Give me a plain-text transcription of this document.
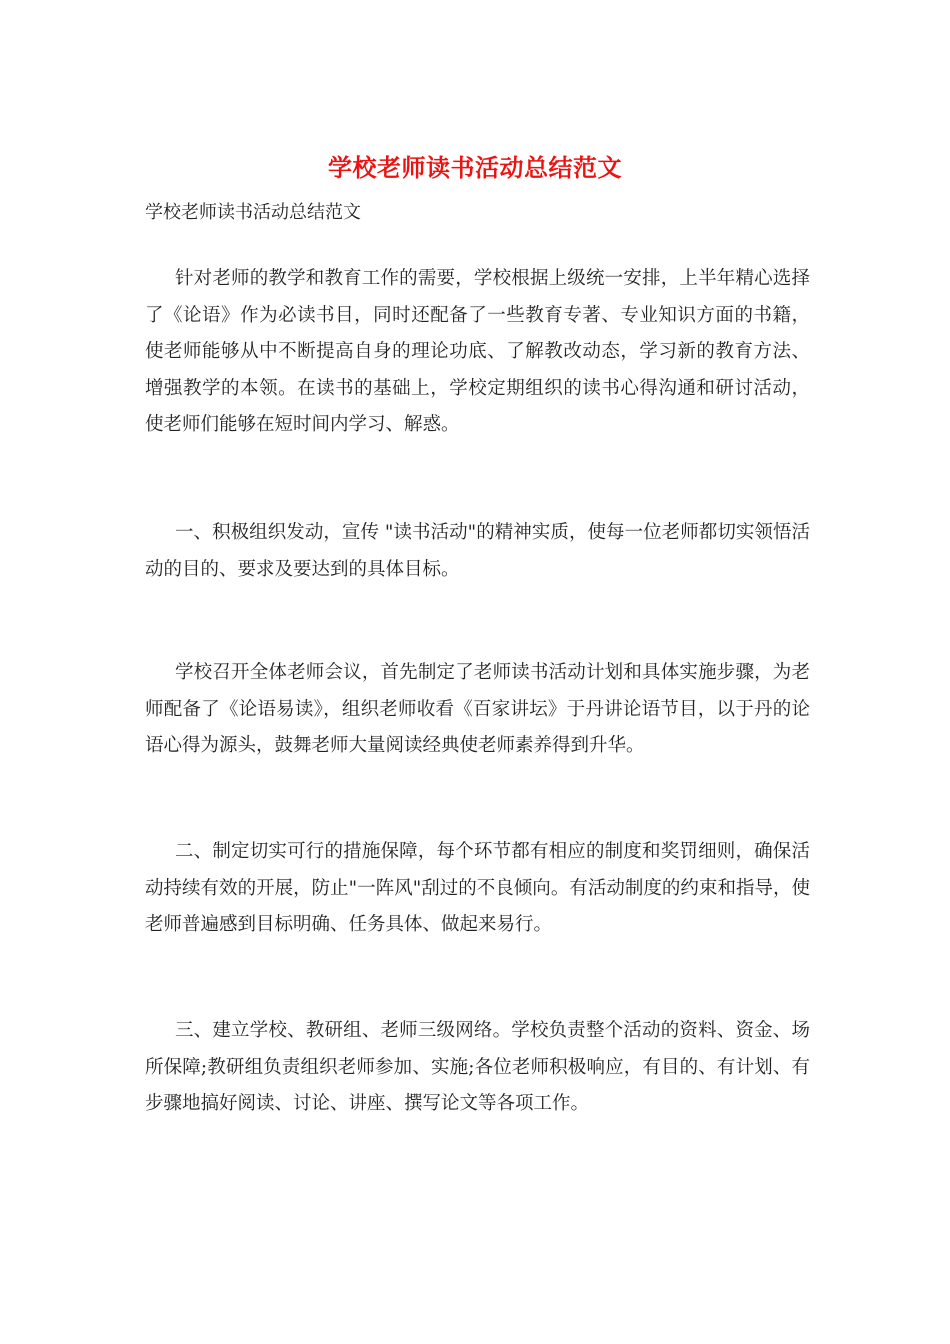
学校老师读书活动总结范文
学校老师读书活动总结范文
针对老师的教学和教育工作的需要，学校根据上级统一安排，上半年精心选择了《论语》作为必读书目，同时还配备了一些教育专著、专业知识方面的书籍，使老师能够从中不断提高自身的理论功底、了解教改动态，学习新的教育方法、增强教学的本领。在读书的基础上，学校定期组织的读书心得沟通和研讨活动，使老师们能够在短时间内学习、解惑。
一、积极组织发动，宣传 "读书活动"的精神实质，使每一位老师都切实领悟活动的目的、要求及要达到的具体目标。
学校召开全体老师会议，首先制定了老师读书活动计划和具体实施步骤，为老师配备了《论语易读》，组织老师收看《百家讲坛》于丹讲论语节目，以于丹的论语心得为源头，鼓舞老师大量阅读经典使老师素养得到升华。
二、制定切实可行的措施保障，每个环节都有相应的制度和奖罚细则，确保活动持续有效的开展，防止"一阵风"刮过的不良倾向。有活动制度的约束和指导，使老师普遍感到目标明确、任务具体、做起来易行。
三、建立学校、教研组、老师三级网络。学校负责整个活动的资料、资金、场所保障;教研组负责组织老师参加、实施;各位老师积极响应，有目的、有计划、有步骤地搞好阅读、讨论、讲座、撰写论文等各项工作。
